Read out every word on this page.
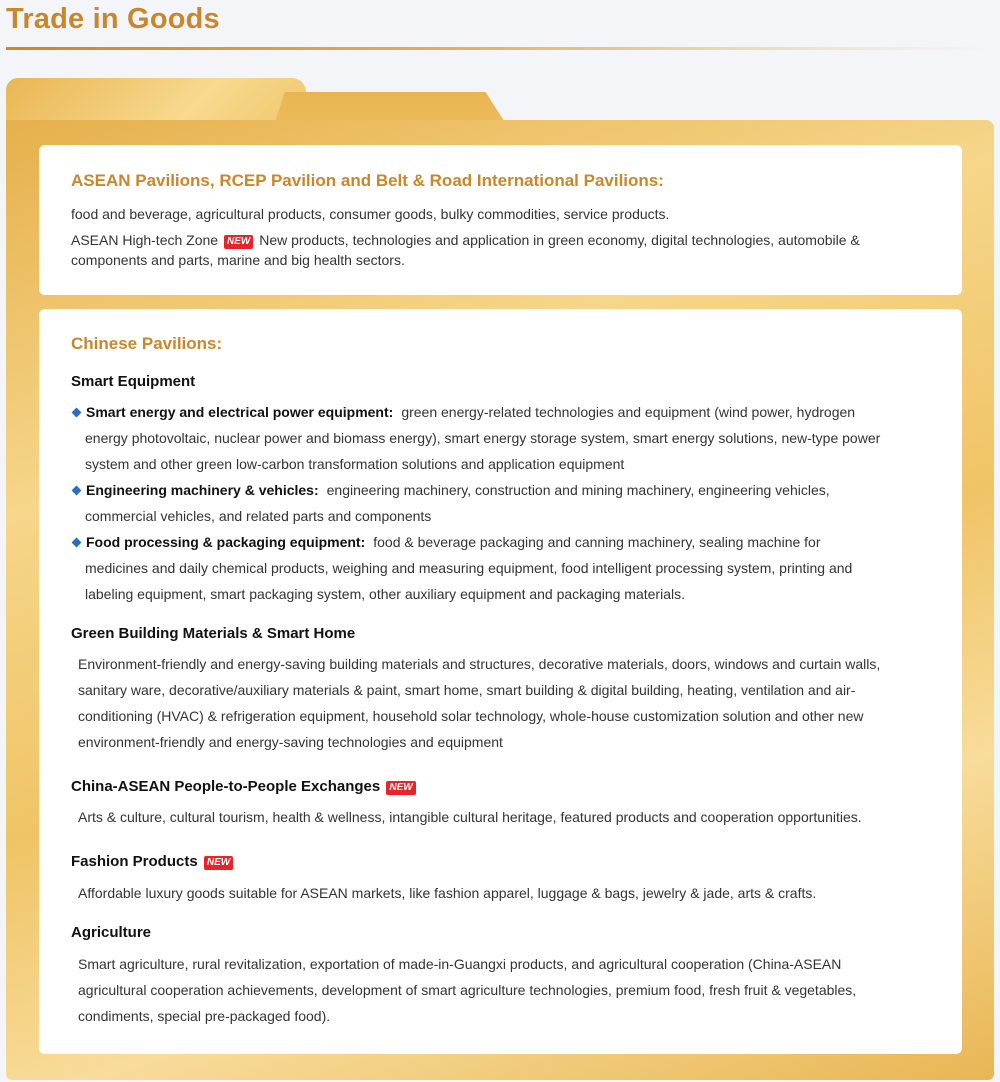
Trade in Goods
ASEAN Pavilions, RCEP Pavilion and Belt & Road International Pavilions:
food and beverage, agricultural products, consumer goods, bulky commodities, service products.
ASEAN High-tech Zone NEW New products, technologies and application in green economy, digital technologies, automobile &
components and parts, marine and big health sectors.
Chinese Pavilions:
Smart Equipment
Smart energy and electrical power equipment: green energy-related technologies and equipment (wind power, hydrogen
energy photovoltaic, nuclear power and biomass energy), smart energy storage system, smart energy solutions, new-type power
system and other green low-carbon transformation solutions and application equipment
Engineering machinery & vehicles: engineering machinery, construction and mining machinery, engineering vehicles,
commercial vehicles, and related parts and components
Food processing & packaging equipment: food & beverage packaging and canning machinery, sealing machine for
medicines and daily chemical products, weighing and measuring equipment, food intelligent processing system, printing and
labeling equipment, smart packaging system, other auxiliary equipment and packaging materials.
Green Building Materials & Smart Home
Environment-friendly and energy-saving building materials and structures, decorative materials, doors, windows and curtain walls,
sanitary ware, decorative/auxiliary materials & paint, smart home, smart building & digital building, heating, ventilation and air-
conditioning (HVAC) & refrigeration equipment, household solar technology, whole-house customization solution and other new
environment-friendly and energy-saving technologies and equipment
China-ASEAN People-to-People Exchanges NEW
Arts & culture, cultural tourism, health & wellness, intangible cultural heritage, featured products and cooperation opportunities.
Fashion Products NEW
Affordable luxury goods suitable for ASEAN markets, like fashion apparel, luggage & bags, jewelry & jade, arts & crafts.
Agriculture
Smart agriculture, rural revitalization, exportation of made-in-Guangxi products, and agricultural cooperation (China-ASEAN
agricultural cooperation achievements, development of smart agriculture technologies, premium food, fresh fruit & vegetables,
condiments, special pre-packaged food).
